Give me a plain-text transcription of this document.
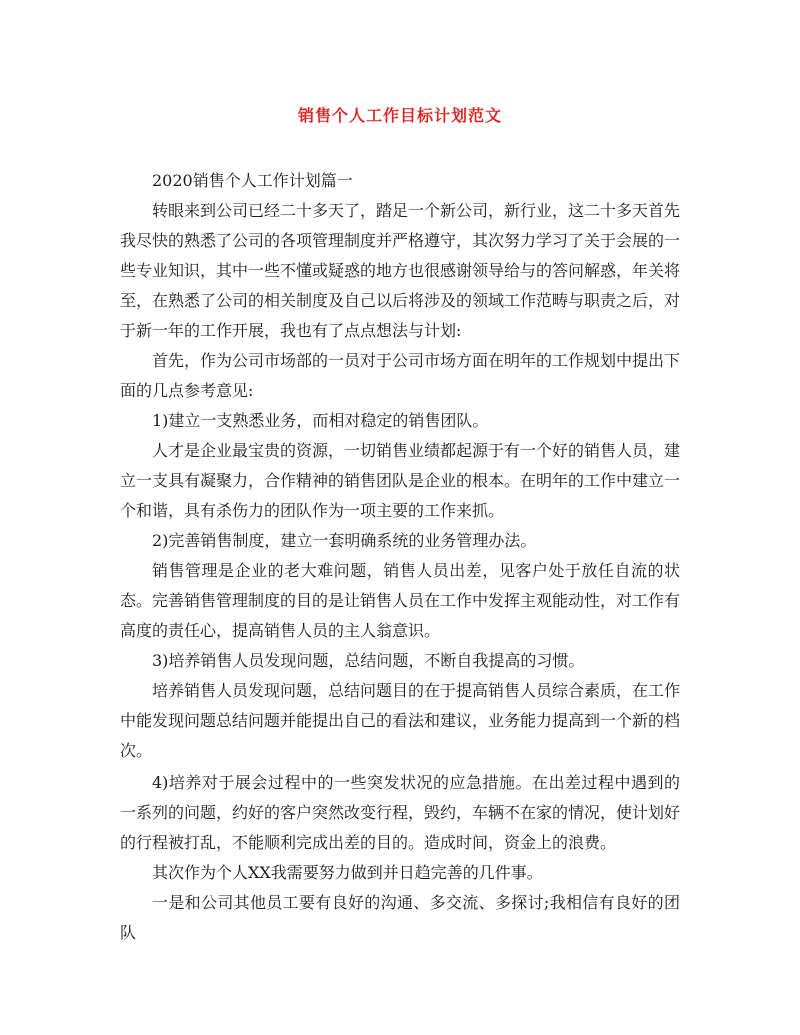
销售个人工作目标计划范文

2020销售个人工作计划篇一

转眼来到公司已经二十多天了，踏足一个新公司，新行业，这二十多天首先我尽快的熟悉了公司的各项管理制度并严格遵守，其次努力学习了关于会展的一些专业知识，其中一些不懂或疑惑的地方也很感谢领导给与的答问解惑，年关将至，在熟悉了公司的相关制度及自己以后将涉及的领域工作范畴与职责之后，对于新一年的工作开展，我也有了点点想法与计划:

首先，作为公司市场部的一员对于公司市场方面在明年的工作规划中提出下面的几点参考意见:

1)建立一支熟悉业务，而相对稳定的销售团队。

人才是企业最宝贵的资源，一切销售业绩都起源于有一个好的销售人员，建立一支具有凝聚力，合作精神的销售团队是企业的根本。在明年的工作中建立一个和谐，具有杀伤力的团队作为一项主要的工作来抓。

2)完善销售制度，建立一套明确系统的业务管理办法。

销售管理是企业的老大难问题，销售人员出差，见客户处于放任自流的状态。完善销售管理制度的目的是让销售人员在工作中发挥主观能动性，对工作有高度的责任心，提高销售人员的主人翁意识。

3)培养销售人员发现问题，总结问题，不断自我提高的习惯。

培养销售人员发现问题，总结问题目的在于提高销售人员综合素质，在工作中能发现问题总结问题并能提出自己的看法和建议，业务能力提高到一个新的档次。

4)培养对于展会过程中的一些突发状况的应急措施。在出差过程中遇到的一系列的问题，约好的客户突然改变行程，毁约，车辆不在家的情况，使计划好的行程被打乱，不能顺利完成出差的目的。造成时间，资金上的浪费。

其次作为个人XX我需要努力做到并日趋完善的几件事。

一是和公司其他员工要有良好的沟通、多交流、多探讨;我相信有良好的团队
